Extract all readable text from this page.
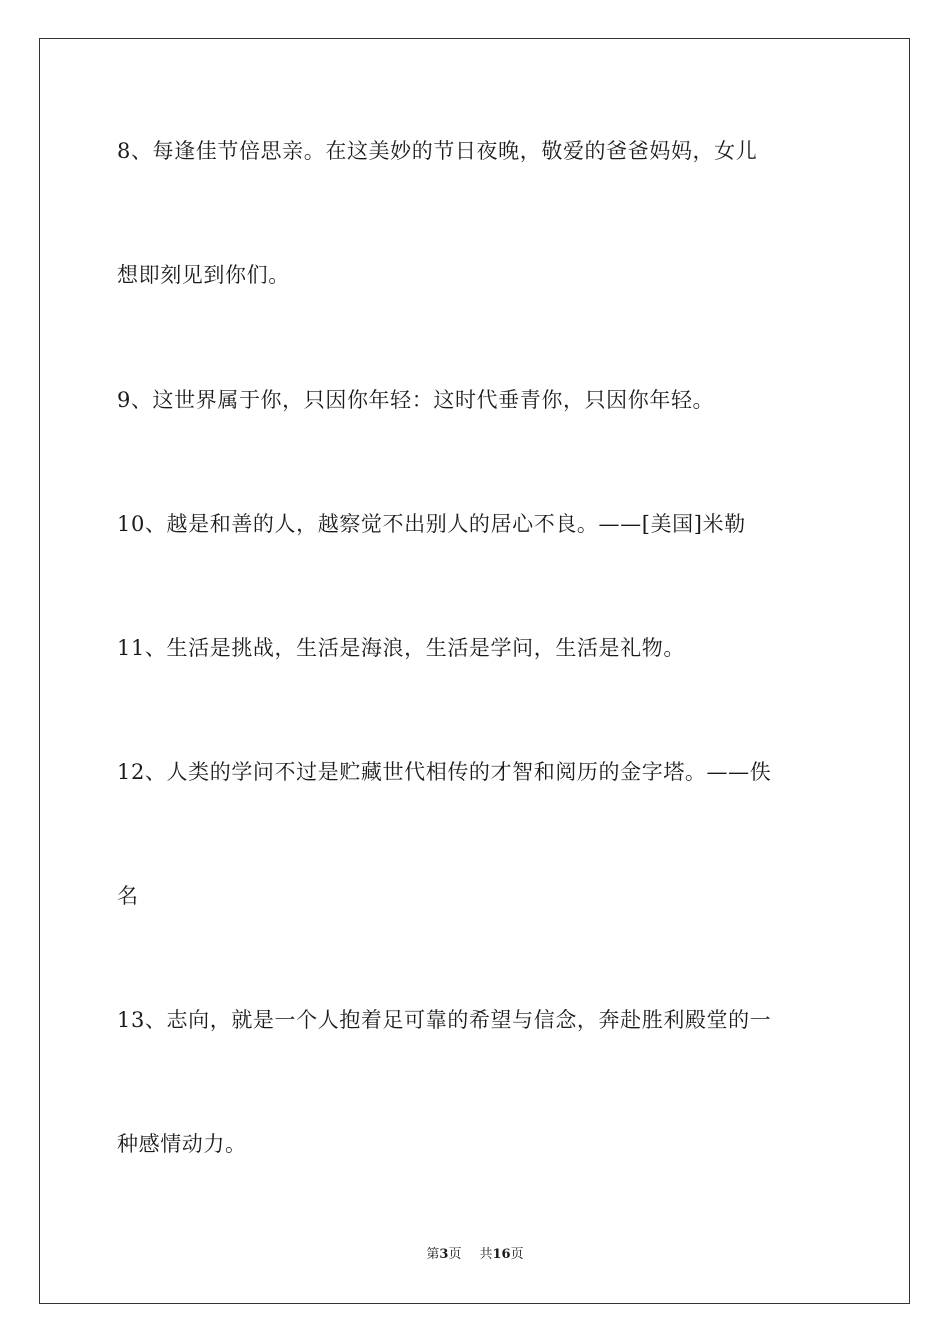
8、每逢佳节倍思亲。在这美妙的节日夜晚，敬爱的爸爸妈妈，女儿
想即刻见到你们。
9、这世界属于你，只因你年轻：这时代垂青你，只因你年轻。
10、越是和善的人，越察觉不出别人的居心不良。——[美国]米勒
11、生活是挑战，生活是海浪，生活是学问，生活是礼物。
12、人类的学问不过是贮藏世代相传的才智和阅历的金字塔。——佚
名
13、志向，就是一个人抱着足可靠的希望与信念，奔赴胜利殿堂的一
种感情动力。
第3页 共16页
